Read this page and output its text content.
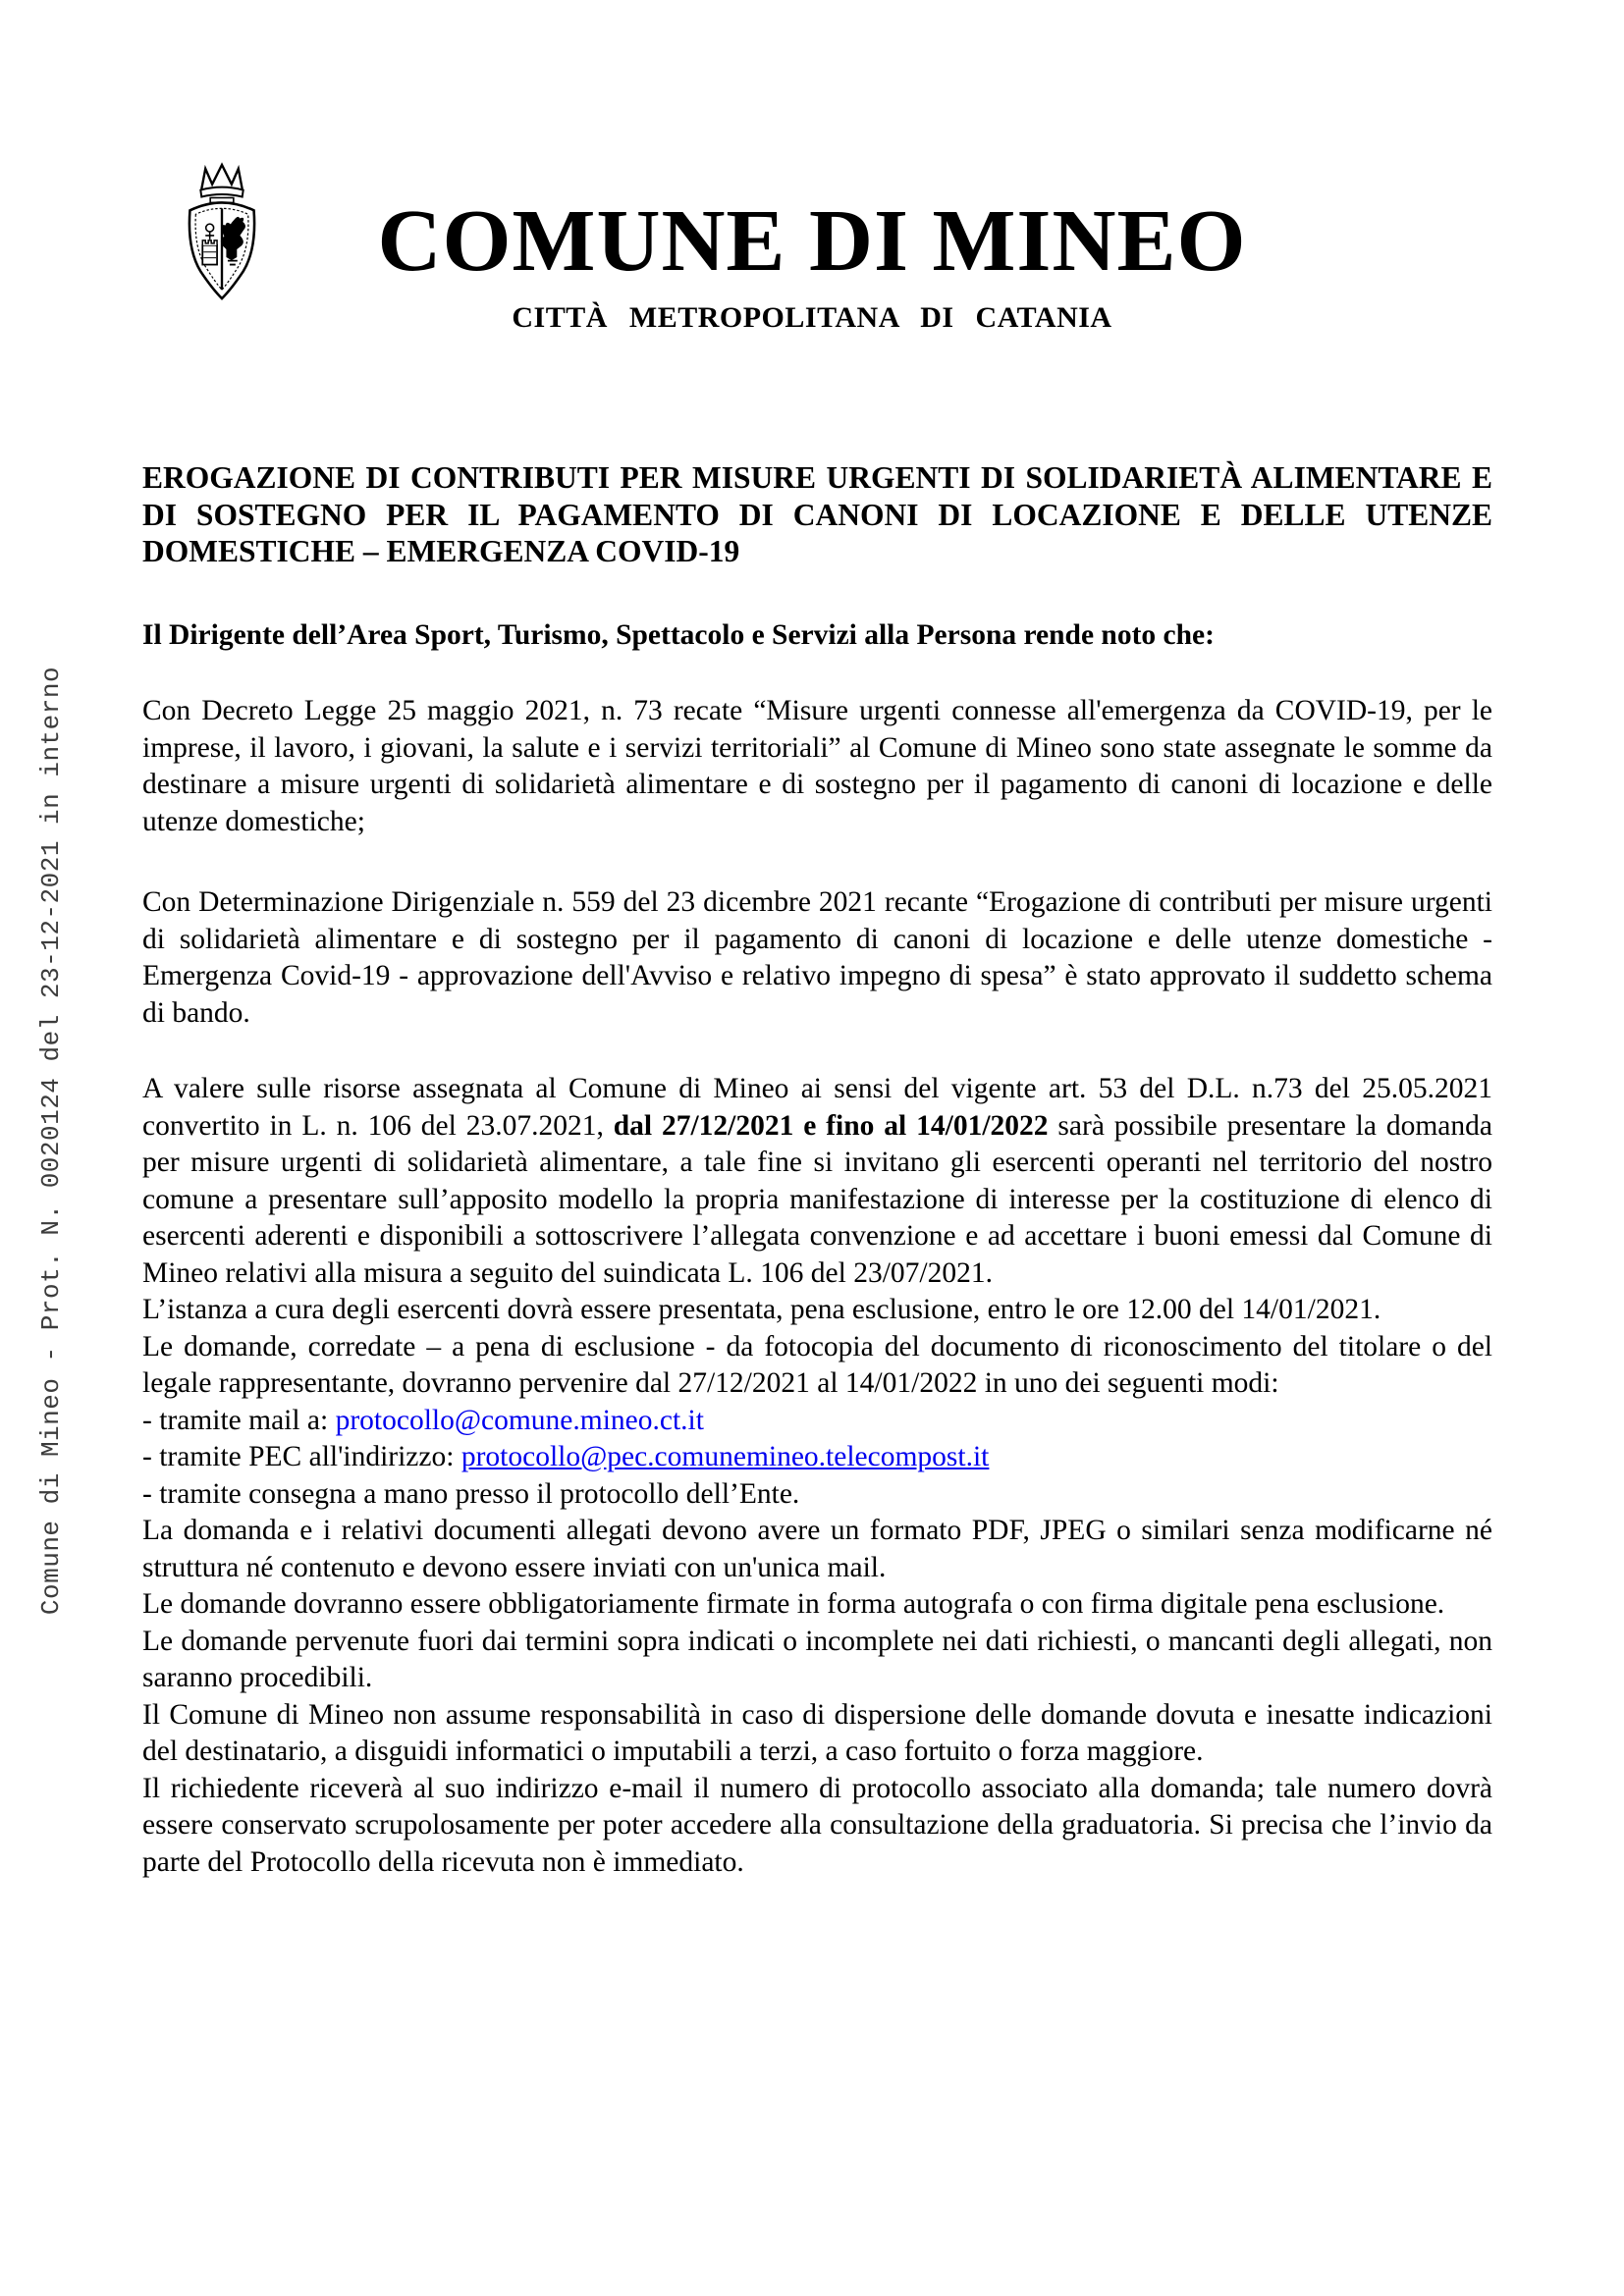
Comune di Mineo - Prot. N. 0020124 del 23-12-2021 in interno
COMUNE DI MINEO
CITTÀ METROPOLITANA DI CATANIA

EROGAZIONE DI CONTRIBUTI PER MISURE URGENTI DI SOLIDARIETÀ ALIMENTARE E DI SOSTEGNO PER IL PAGAMENTO DI CANONI DI LOCAZIONE E DELLE UTENZE DOMESTICHE – EMERGENZA COVID-19

Il Dirigente dell’Area Sport, Turismo, Spettacolo e Servizi alla Persona rende noto che:

Con Decreto Legge 25 maggio 2021, n. 73 recate “Misure urgenti connesse all'emergenza da COVID-19, per le imprese, il lavoro, i giovani, la salute e i servizi territoriali” al Comune di Mineo sono state assegnate le somme da destinare a misure urgenti di solidarietà alimentare e di sostegno per il pagamento di canoni di locazione e delle utenze domestiche;

Con Determinazione Dirigenziale n. 559 del 23 dicembre 2021 recante “Erogazione di contributi per misure urgenti di solidarietà alimentare e di sostegno per il pagamento di canoni di locazione e delle utenze domestiche - Emergenza Covid-19 - approvazione dell'Avviso e relativo impegno di spesa” è stato approvato il suddetto schema di bando.

A valere sulle risorse assegnata al Comune di Mineo ai sensi del vigente art. 53 del D.L. n.73 del 25.05.2021 convertito in L. n. 106 del 23.07.2021, dal 27/12/2021 e fino al 14/01/2022 sarà possibile presentare la domanda per misure urgenti di solidarietà alimentare, a tale fine si invitano gli esercenti operanti nel territorio del nostro comune a presentare sull’apposito modello la propria manifestazione di interesse per la costituzione di elenco di esercenti aderenti e disponibili a sottoscrivere l’allegata convenzione e ad accettare i buoni emessi dal Comune di Mineo relativi alla misura a seguito del suindicata L. 106 del 23/07/2021.

L’istanza a cura degli esercenti dovrà essere presentata, pena esclusione, entro le ore 12.00 del 14/01/2021.

Le domande, corredate – a pena di esclusione - da fotocopia del documento di riconoscimento del titolare o del legale rappresentante, dovranno pervenire dal 27/12/2021 al 14/01/2022 in uno dei seguenti modi:

- tramite mail a: protocollo@comune.mineo.ct.it

- tramite PEC all'indirizzo: protocollo@pec.comunemineo.telecompost.it

- tramite consegna a mano presso il protocollo dell’Ente.

La domanda e i relativi documenti allegati devono avere un formato PDF, JPEG o similari senza modificarne né struttura né contenuto e devono essere inviati con un'unica mail.

Le domande dovranno essere obbligatoriamente firmate in forma autografa o con firma digitale pena esclusione.

Le domande pervenute fuori dai termini sopra indicati o incomplete nei dati richiesti, o mancanti degli allegati, non saranno procedibili.

Il Comune di Mineo non assume responsabilità in caso di dispersione delle domande dovuta e inesatte indicazioni del destinatario, a disguidi informatici o imputabili a terzi, a caso fortuito o forza maggiore.

Il richiedente riceverà al suo indirizzo e-mail il numero di protocollo associato alla domanda; tale numero dovrà essere conservato scrupolosamente per poter accedere alla consultazione della graduatoria. Si precisa che l’invio da parte del Protocollo della ricevuta non è immediato.
